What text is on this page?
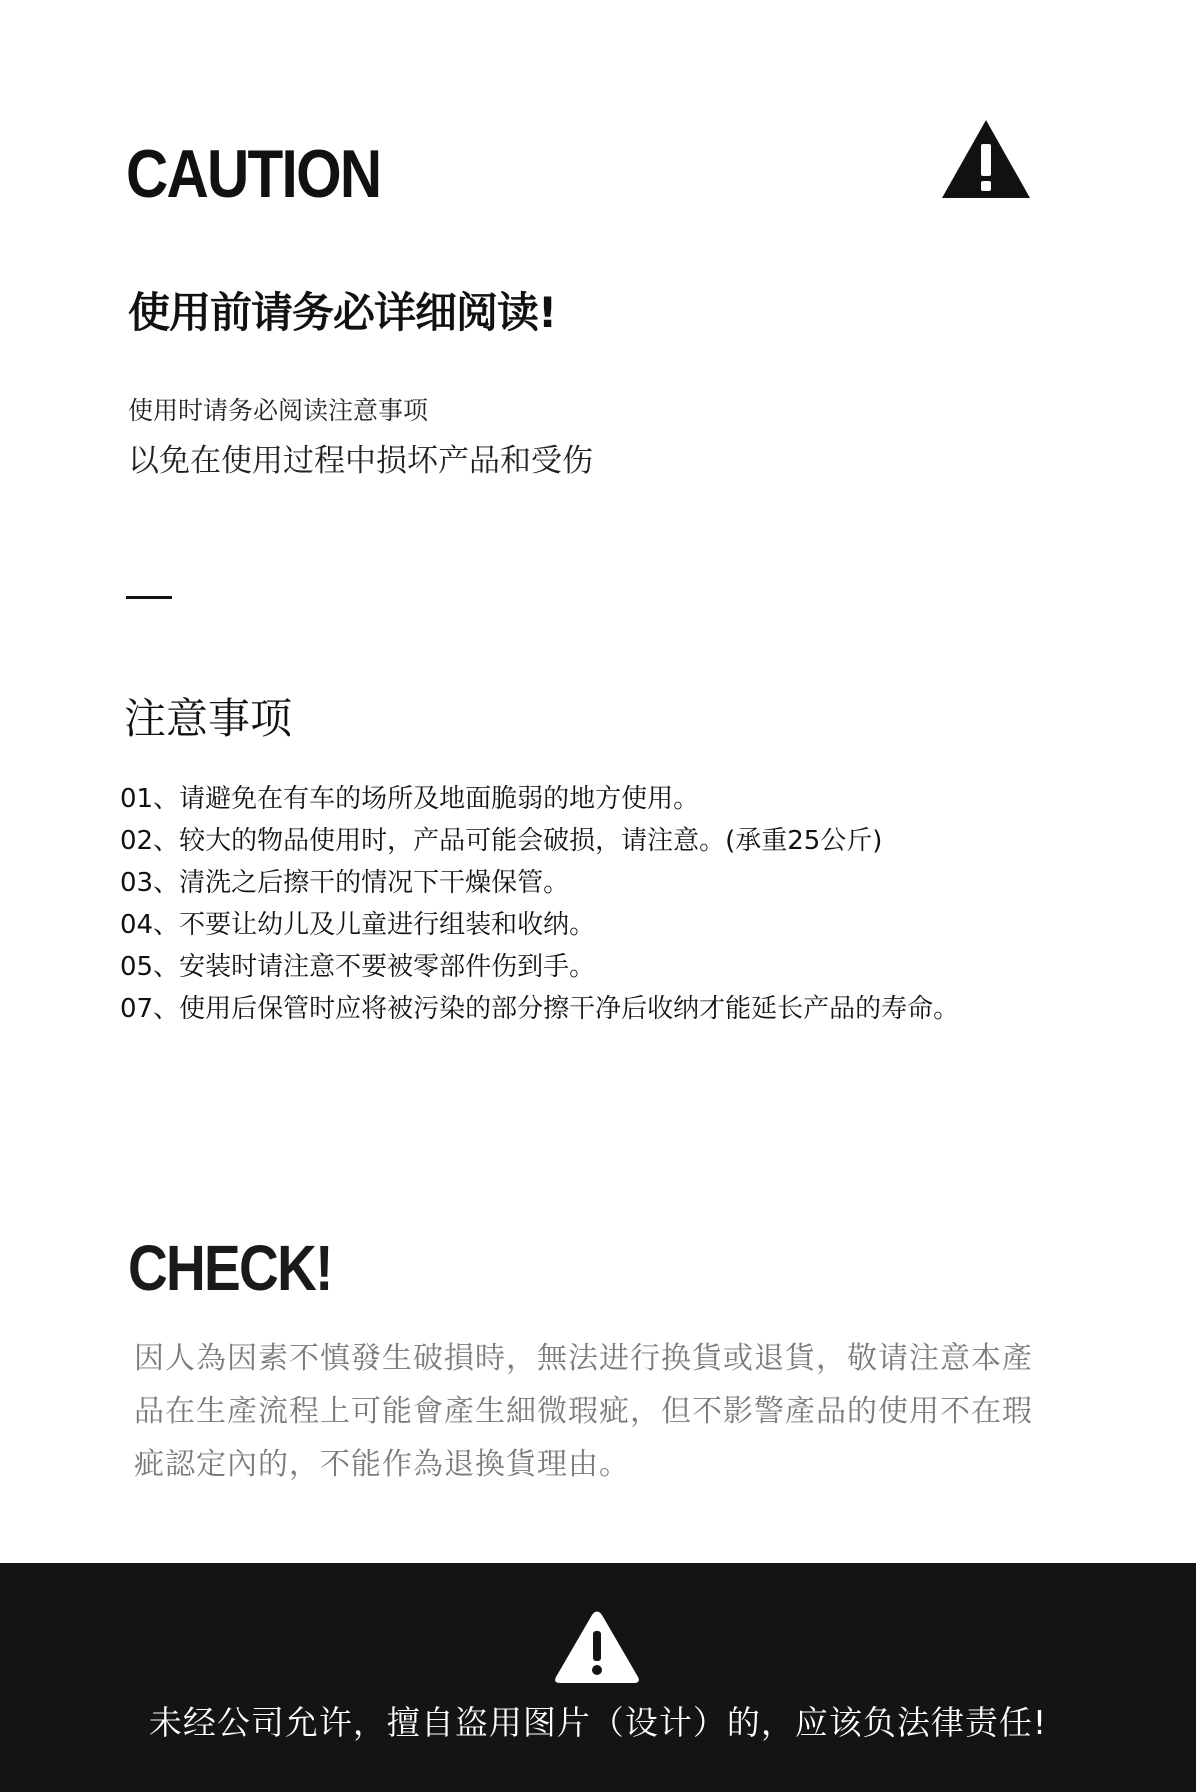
CAUTION
使用前请务必详细阅读!
使用时请务必阅读注意事项
以免在使用过程中损坏产品和受伤
注意事项
01、请避免在有车的场所及地面脆弱的地方使用。
02、较大的物品使用时，产品可能会破损，请注意。(承重25公斤)
03、清洗之后擦干的情况下干燥保管。
04、不要让幼儿及儿童进行组装和收纳。
05、安装时请注意不要被零部件伤到手。
07、使用后保管时应将被污染的部分擦干净后收纳才能延长产品的寿命。
CHECK!
因人為因素不慎發生破損時，無法进行换貨或退貨，敬请注意本產
品在生產流程上可能會產生細微瑕疵，但不影警產品的使用不在瑕
疵認定內的，不能作為退換貨理由。
未经公司允许，擅自盗用图片（设计）的，应该负法律责任!
